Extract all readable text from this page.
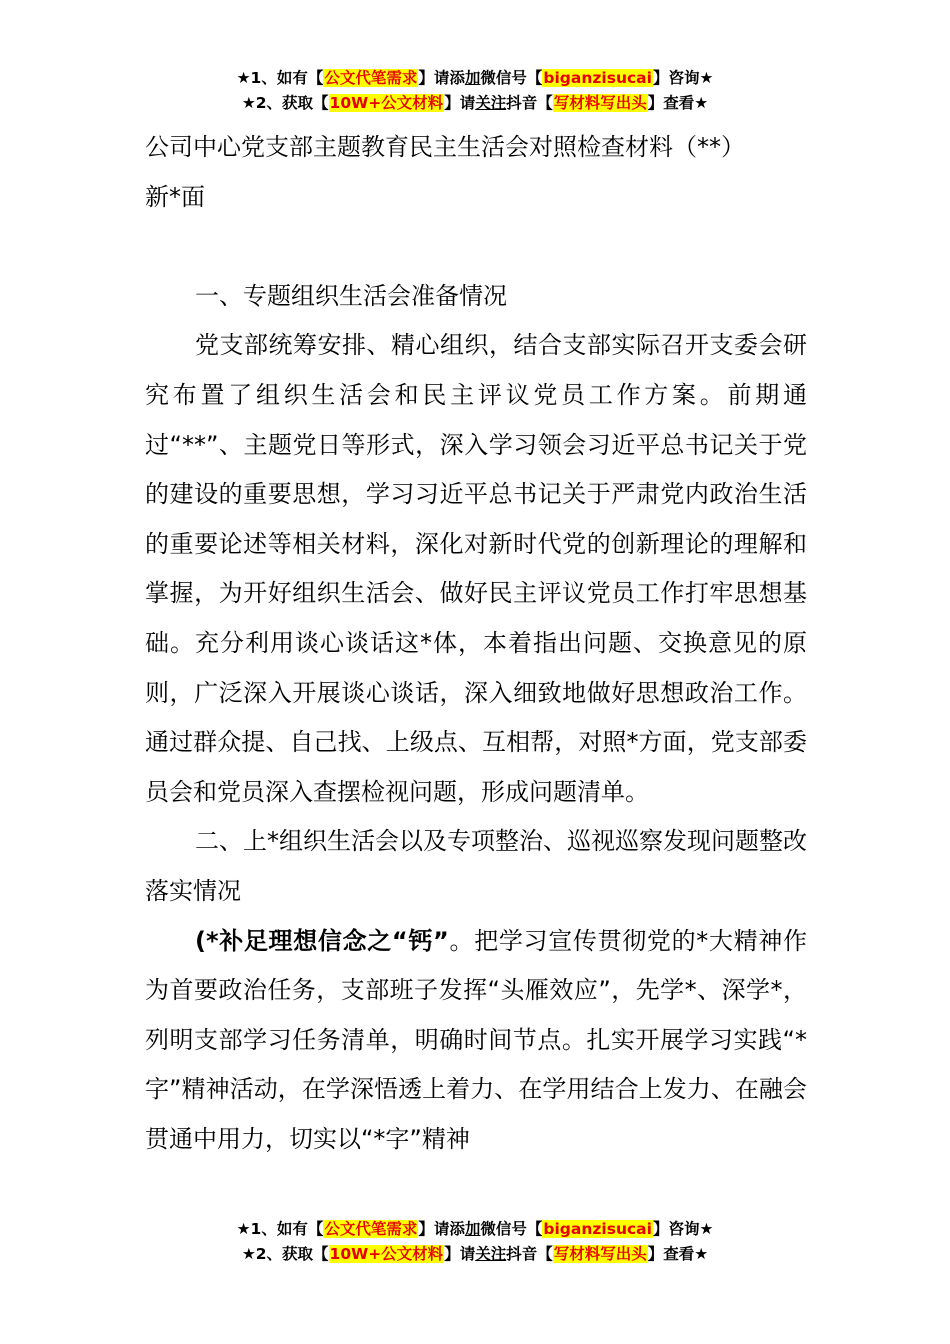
★1、如有【公文代笔需求】请添加微信号【biganzisucai】咨询★
★2、获取【10W+公文材料】请关注抖音【写材料写出头】查看★
公司中心党支部主题教育民主生活会对照检查材料（**）
新*面

一、专题组织生活会准备情况

党支部统筹安排、精心组织，结合支部实际召开支委会研究布置了组织生活会和民主评议党员工作方案。前期通过“**”、主题党日等形式，深入学习领会习近平总书记关于党的建设的重要思想，学习习近平总书记关于严肃党内政治生活的重要论述等相关材料，深化对新时代党的创新理论的理解和掌握，为开好组织生活会、做好民主评议党员工作打牢思想基础。充分利用谈心谈话这*体，本着指出问题、交换意见的原则，广泛深入开展谈心谈话，深入细致地做好思想政治工作。通过群众提、自己找、上级点、互相帮，对照*方面，党支部委员会和党员深入查摆检视问题，形成问题清单。

二、上*组织生活会以及专项整治、巡视巡察发现问题整改落实情况

(*补足理想信念之“钙”。把学习宣传贯彻党的*大精神作为首要政治任务，支部班子发挥“头雁效应”，先学*、深学*，列明支部学习任务清单，明确时间节点。扎实开展学习实践“*字”精神活动，在学深悟透上着力、在学用结合上发力、在融会贯通中用力，切实以“*字”精神

★1、如有【公文代笔需求】请添加微信号【biganzisucai】咨询★
★2、获取【10W+公文材料】请关注抖音【写材料写出头】查看★
